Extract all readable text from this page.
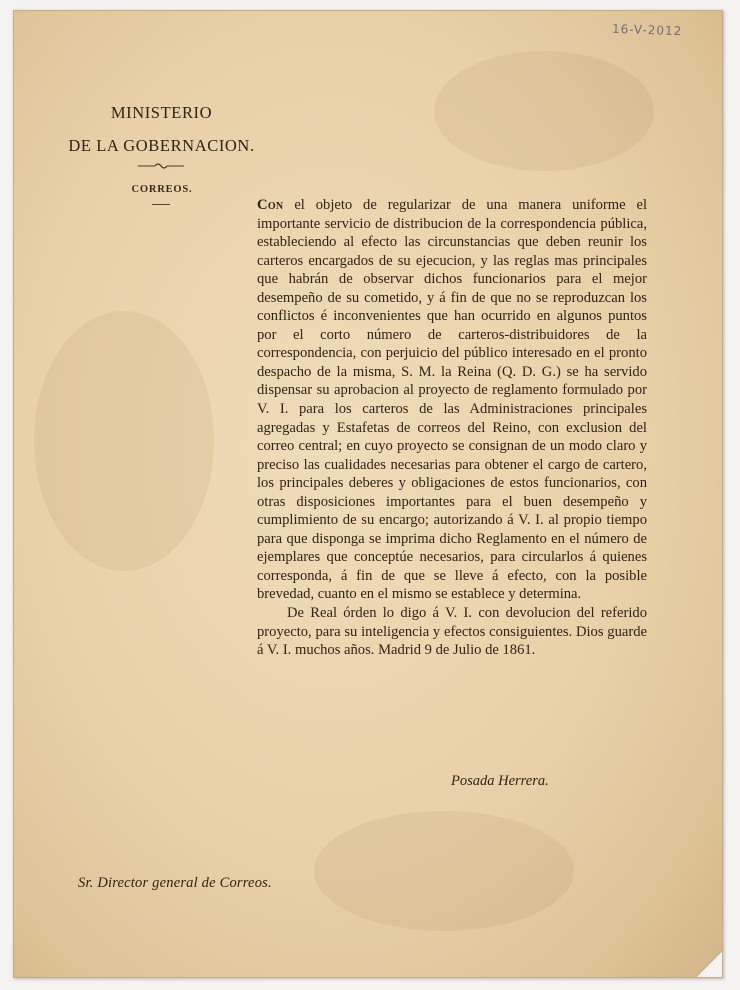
16-V-2012
MINISTERIO
DE LA GOBERNACION.
CORREOS.

Con el objeto de regularizar de una manera uniforme el importante servicio de distribucion de la correspondencia pública, estableciendo al efecto las circunstancias que deben reunir los carteros encargados de su ejecucion, y las reglas mas principales que habrán de observar dichos funcionarios para el mejor desempeño de su cometido, y á fin de que no se reproduzcan los conflictos é inconvenientes que han ocurrido en algunos puntos por el corto número de carteros-distribuidores de la correspondencia, con perjuicio del público interesado en el pronto despacho de la misma, S. M. la Reina (Q. D. G.) se ha servido dispensar su aprobacion al proyecto de reglamento formulado por V. I. para los carteros de las Administraciones principales agregadas y Estafetas de correos del Reino, con exclusion del correo central; en cuyo proyecto se consignan de un modo claro y preciso las cualidades necesarias para obtener el cargo de cartero, los principales deberes y obligaciones de estos funcionarios, con otras disposiciones importantes para el buen desempeño y cumplimiento de su encargo; autorizando á V. I. al propio tiempo para que disponga se imprima dicho Reglamento en el número de ejemplares que conceptúe necesarios, para circularlos á quienes corresponda, á fin de que se lleve á efecto, con la posible brevedad, cuanto en el mismo se establece y determina.

De Real órden lo digo á V. I. con devolucion del referido proyecto, para su inteligencia y efectos consiguientes. Dios guarde á V. I. muchos años. Madrid 9 de Julio de 1861.

Posada Herrera.
Sr. Director general de Correos.
